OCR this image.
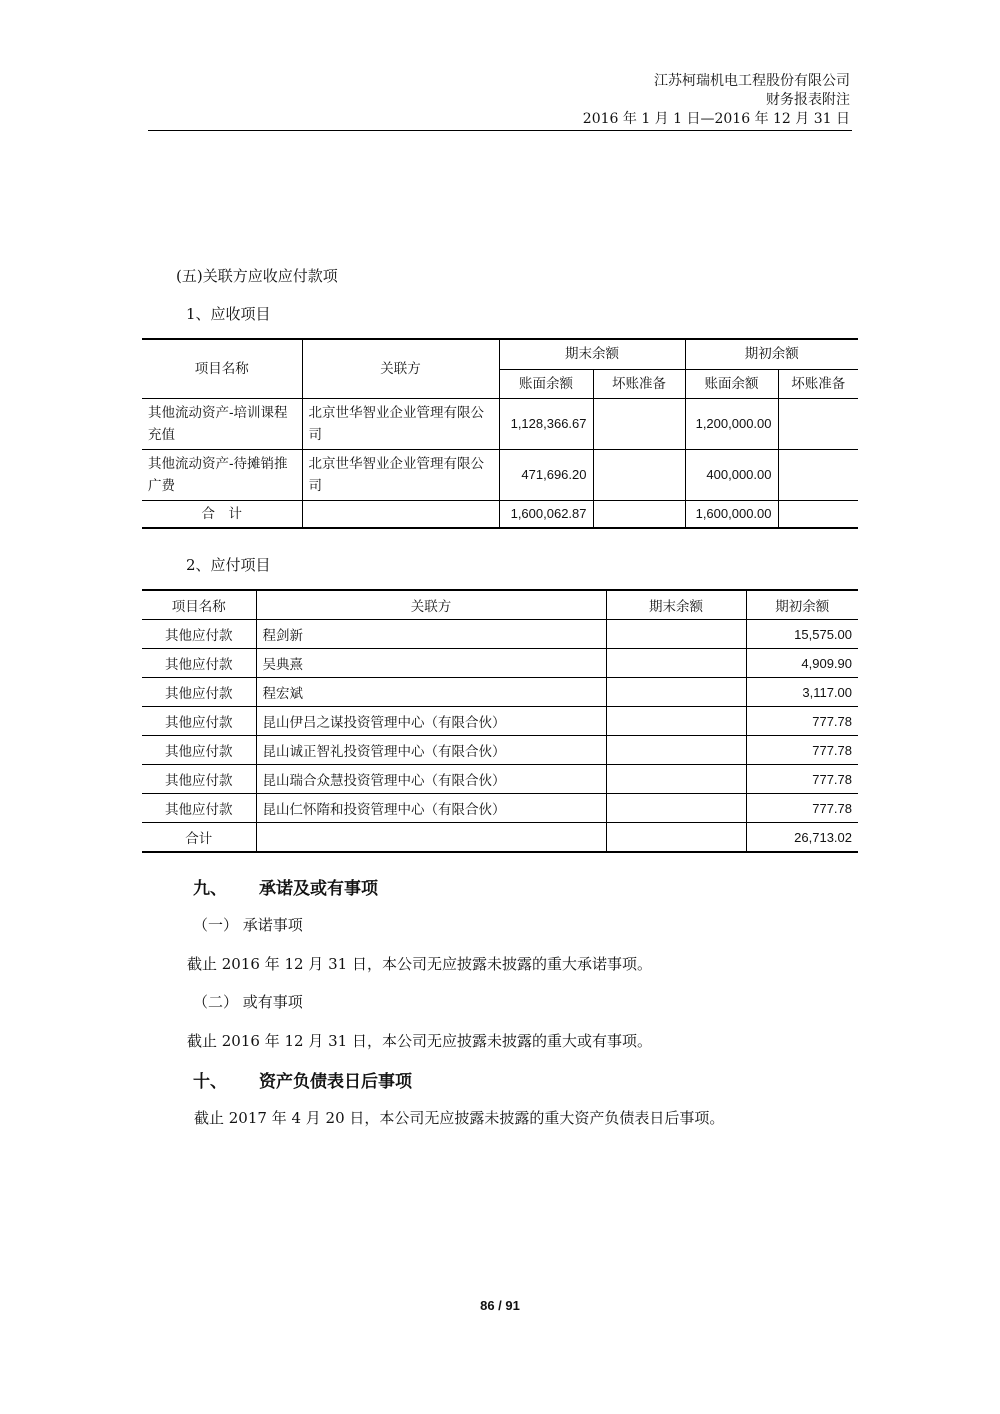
江苏柯瑞机电工程股份有限公司
财务报表附注
2016 年 1 月 1 日—2016 年 12 月 31 日
(五)关联方应收应付款项
1、应收项目
项目名称	关联方	期末余额		期初余额	
		账面余额	坏账准备	账面余额	坏账准备
其他流动资产-培训课程充值	北京世华智业企业管理有限公司	1,128,366.67		1,200,000.00	
其他流动资产-待摊销推广费	北京世华智业企业管理有限公司	471,696.20		400,000.00	
合　计		1,600,062.87		1,600,000.00	
2、应付项目
项目名称	关联方	期末余额	期初余额
其他应付款	程剑新		15,575.00
其他应付款	吴典熹		4,909.90
其他应付款	程宏斌		3,117.00
其他应付款	昆山伊吕之谋投资管理中心（有限合伙）		777.78
其他应付款	昆山诚正智礼投资管理中心（有限合伙）		777.78
其他应付款	昆山瑞合众慧投资管理中心（有限合伙）		777.78
其他应付款	昆山仁怀隋和投资管理中心（有限合伙）		777.78
合计			26,713.02
九、 承诺及或有事项
（一） 承诺事项
截止 2016 年 12 月 31 日，本公司无应披露未披露的重大承诺事项。
（二） 或有事项
截止 2016 年 12 月 31 日，本公司无应披露未披露的重大或有事项。
十、 资产负债表日后事项
截止 2017 年 4 月 20 日，本公司无应披露未披露的重大资产负债表日后事项。
86 / 91
